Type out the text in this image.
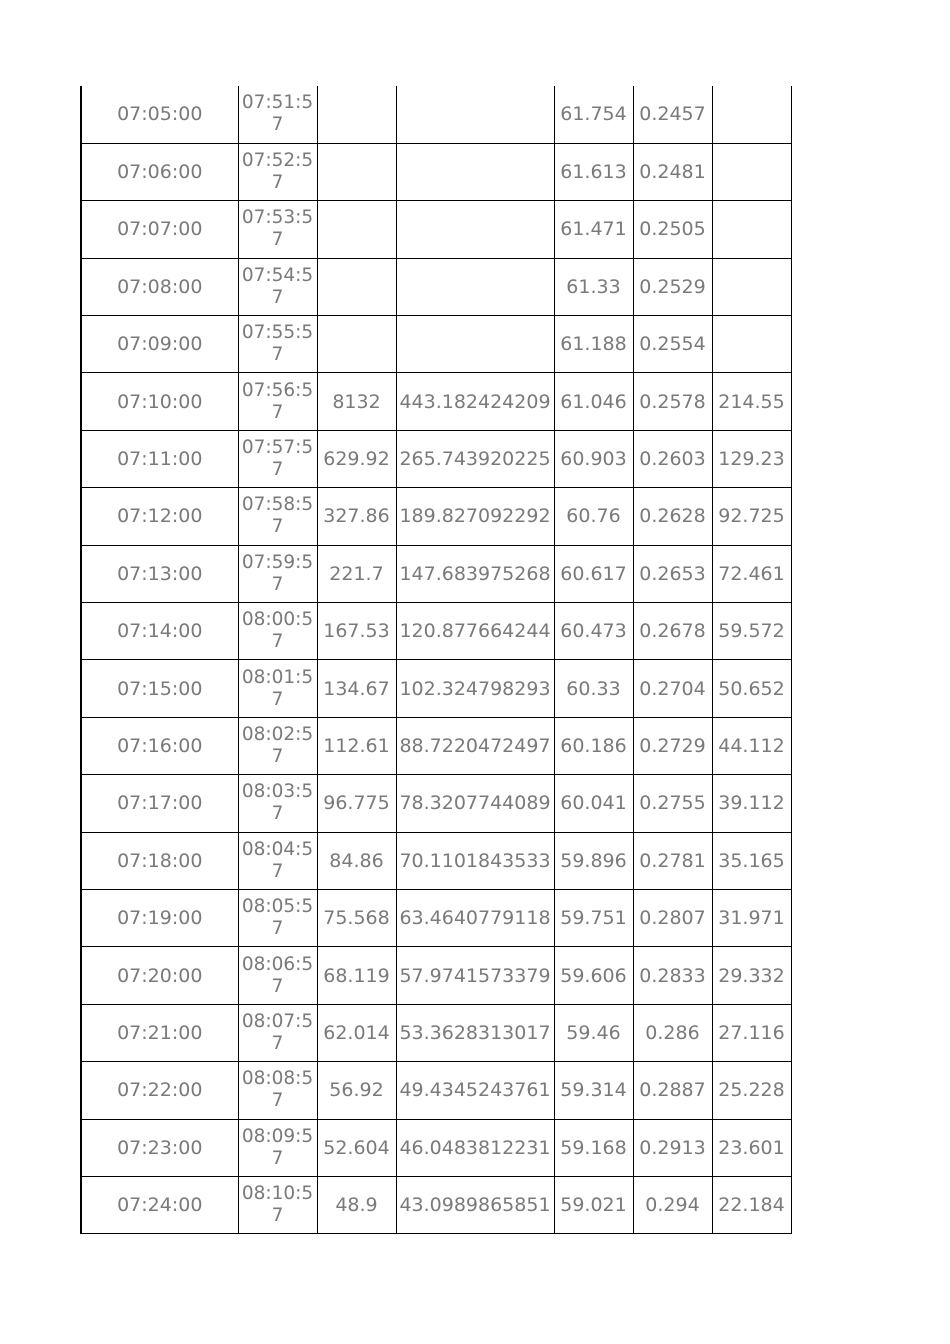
07:05:00	07:51:57			61.754	0.2457	
07:06:00	07:52:57			61.613	0.2481	
07:07:00	07:53:57			61.471	0.2505	
07:08:00	07:54:57			61.33	0.2529	
07:09:00	07:55:57			61.188	0.2554	
07:10:00	07:56:57	8132	443.182424209	61.046	0.2578	214.55
07:11:00	07:57:57	629.92	265.743920225	60.903	0.2603	129.23
07:12:00	07:58:57	327.86	189.827092292	60.76	0.2628	92.725
07:13:00	07:59:57	221.7	147.683975268	60.617	0.2653	72.461
07:14:00	08:00:57	167.53	120.877664244	60.473	0.2678	59.572
07:15:00	08:01:57	134.67	102.324798293	60.33	0.2704	50.652
07:16:00	08:02:57	112.61	88.7220472497	60.186	0.2729	44.112
07:17:00	08:03:57	96.775	78.3207744089	60.041	0.2755	39.112
07:18:00	08:04:57	84.86	70.1101843533	59.896	0.2781	35.165
07:19:00	08:05:57	75.568	63.4640779118	59.751	0.2807	31.971
07:20:00	08:06:57	68.119	57.9741573379	59.606	0.2833	29.332
07:21:00	08:07:57	62.014	53.3628313017	59.46	0.286	27.116
07:22:00	08:08:57	56.92	49.4345243761	59.314	0.2887	25.228
07:23:00	08:09:57	52.604	46.0483812231	59.168	0.2913	23.601
07:24:00	08:10:57	48.9	43.0989865851	59.021	0.294	22.184
